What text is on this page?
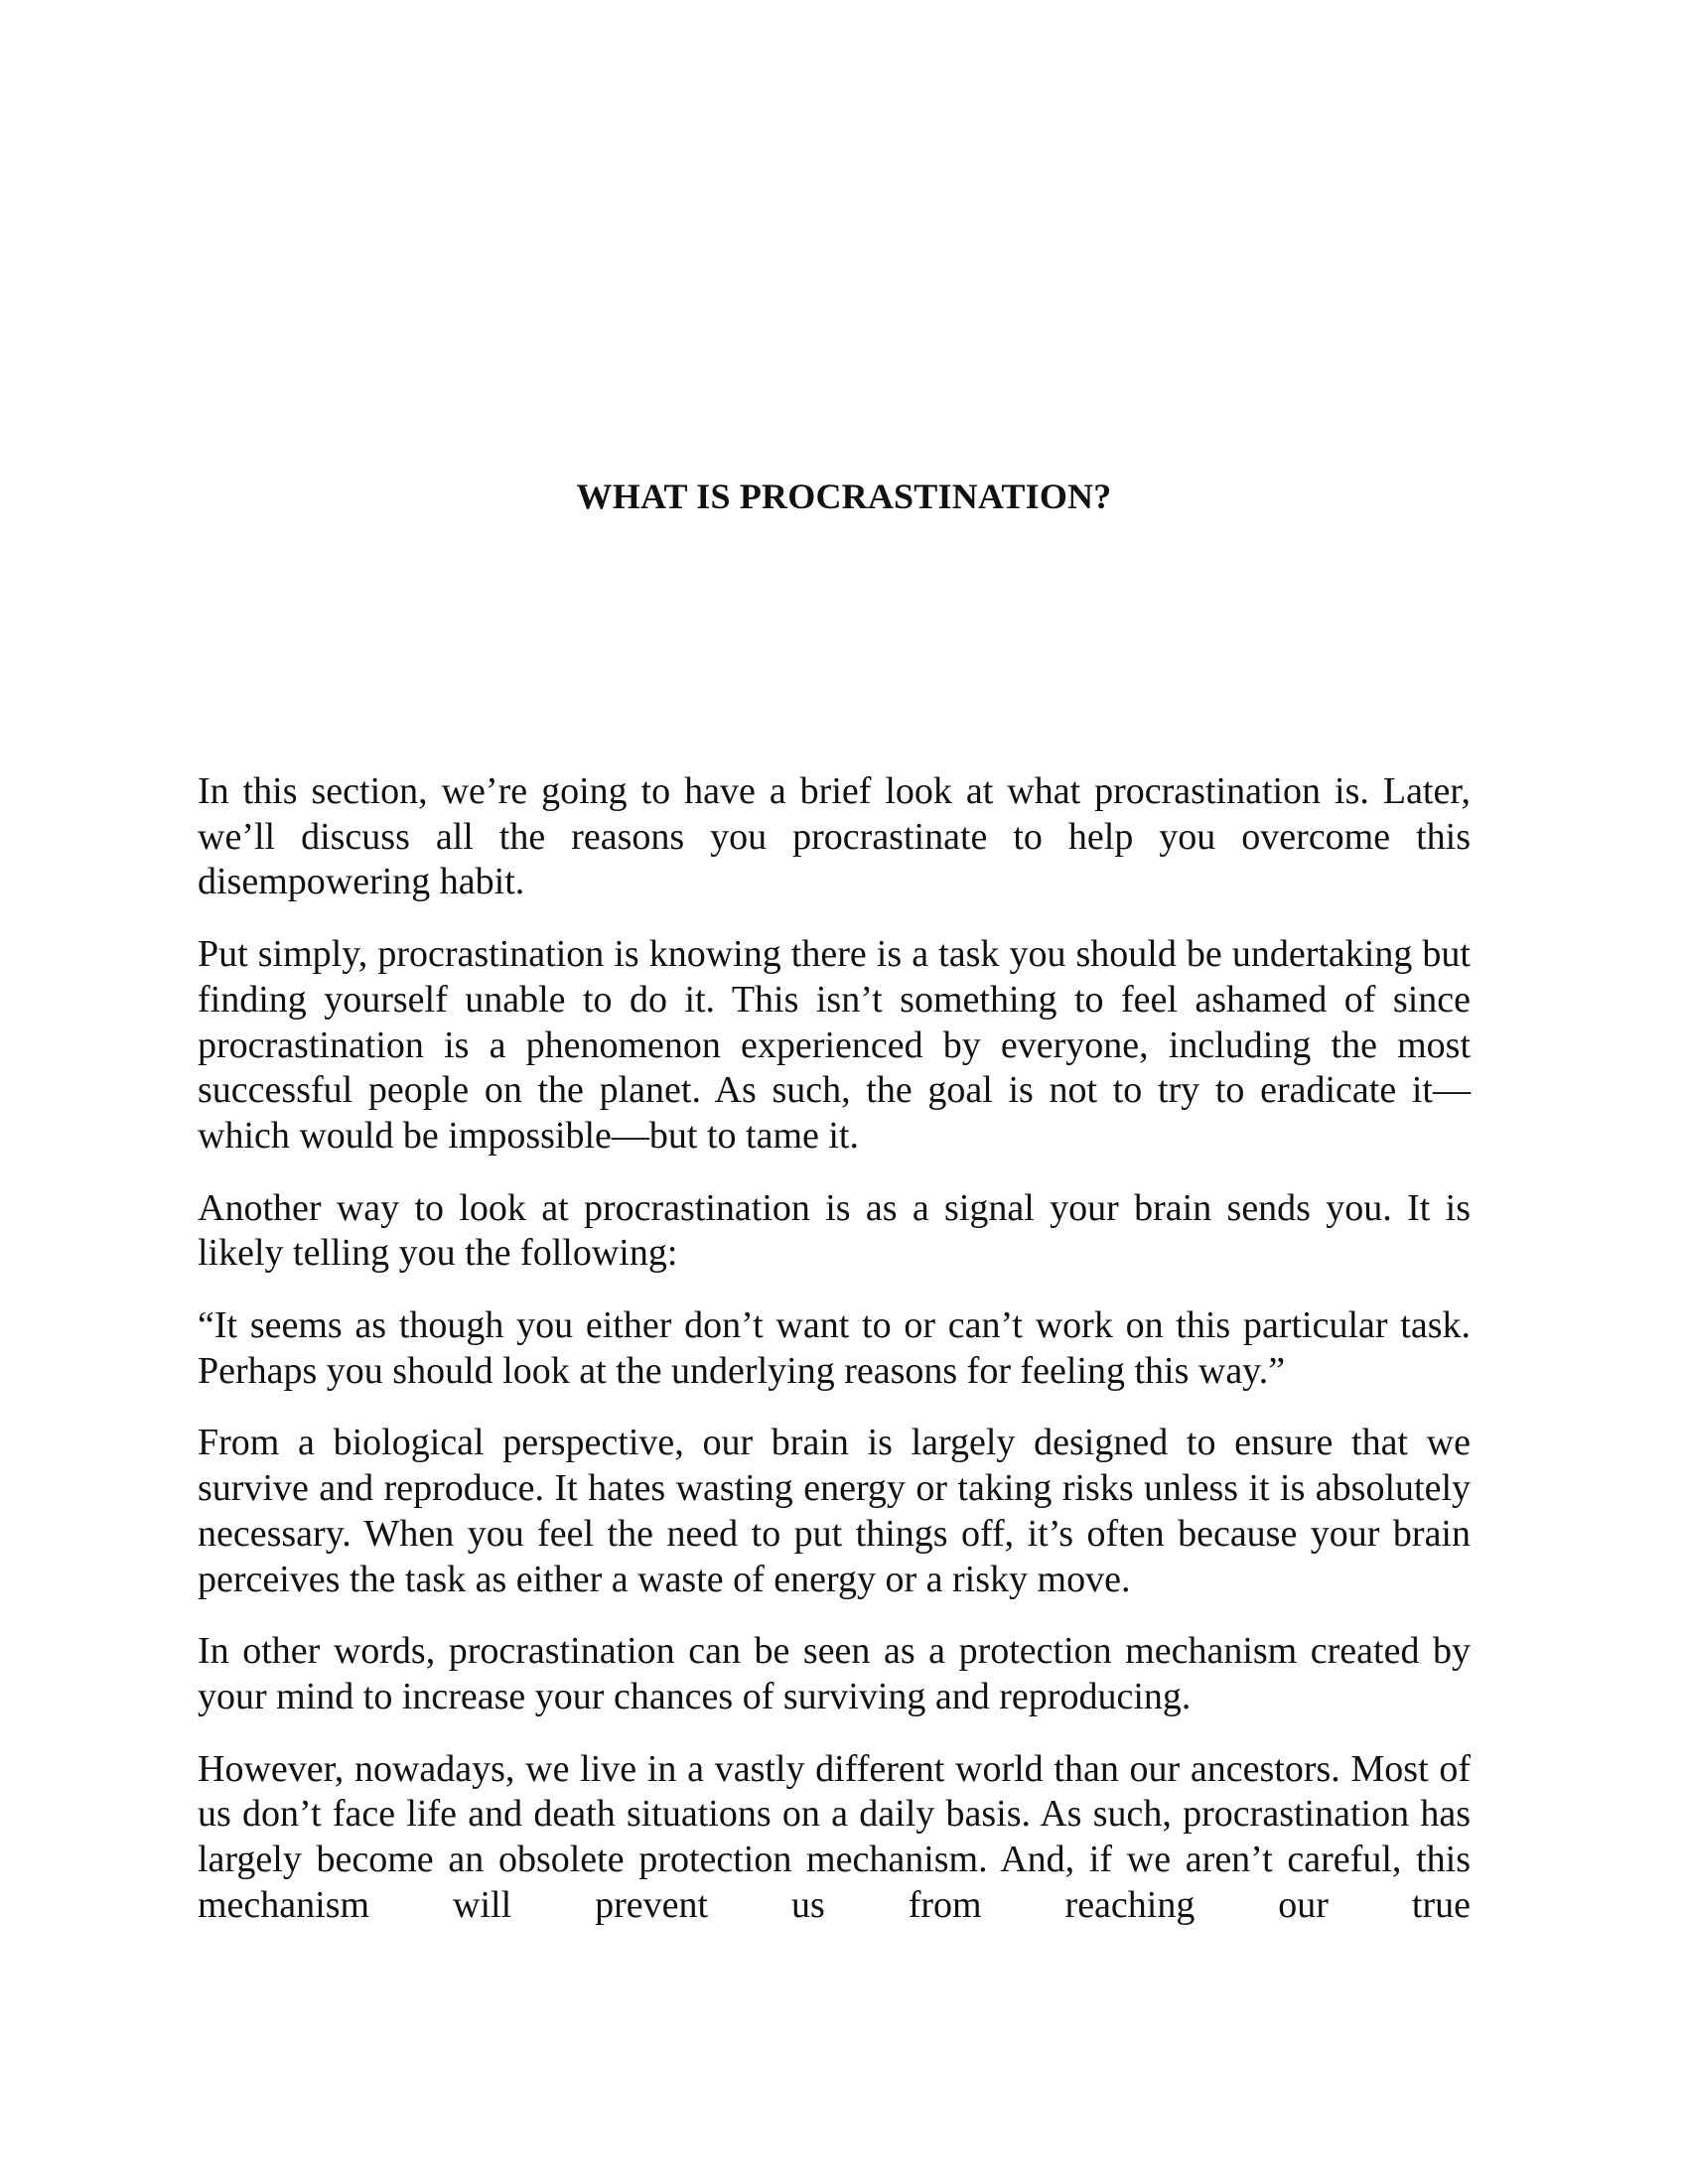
WHAT IS PROCRASTINATION?

In this section, we’re going to have a brief look at what procrastination is. Later, we’ll discuss all the reasons you procrastinate to help you overcome this disempowering habit.

Put simply, procrastination is knowing there is a task you should be undertaking but finding yourself unable to do it. This isn’t something to feel ashamed of since procrastination is a phenomenon experienced by everyone, including the most successful people on the planet. As such, the goal is not to try to eradicate it—which would be impossible—but to tame it.

Another way to look at procrastination is as a signal your brain sends you. It is likely telling you the following:

“It seems as though you either don’t want to or can’t work on this particular task. Perhaps you should look at the underlying reasons for feeling this way.”

From a biological perspective, our brain is largely designed to ensure that we survive and reproduce. It hates wasting energy or taking risks unless it is absolutely necessary. When you feel the need to put things off, it’s often because your brain perceives the task as either a waste of energy or a risky move.

In other words, procrastination can be seen as a protection mechanism created by your mind to increase your chances of surviving and reproducing.

However, nowadays, we live in a vastly different world than our ancestors. Most of us don’t face life and death situations on a daily basis. As such, procrastination has largely become an obsolete protection mechanism. And, if we aren’t careful, this mechanism will prevent us from reaching our true
